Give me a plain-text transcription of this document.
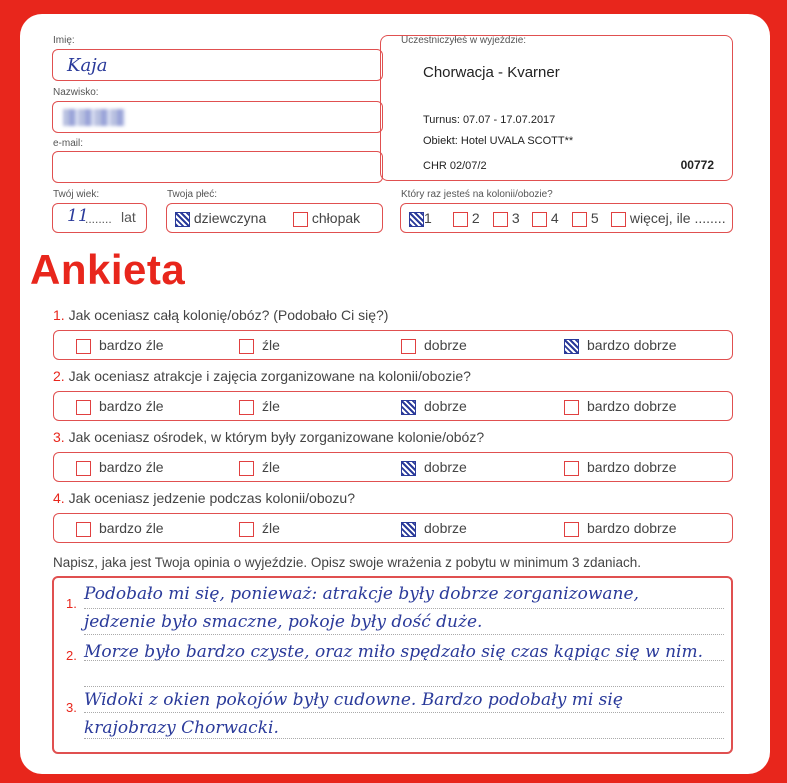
Imię:
Kaja
Nazwisko:
e-mail:
Twój wiek:
11
........ lat
Twoja płeć:
dziewczyna	chłopak
Uczestniczyłeś w wyjeździe:
Chorwacja - Kvarner
Turnus: 07.07 - 17.07.2017
Obiekt: Hotel UVALA SCOTT**
CHR 02/07/2	00772
Który raz jesteś na kolonii/obozie?
1	2	3	4	5	więcej, ile ........
Ankieta
1. Jak oceniasz całą kolonię/obóz? (Podobało Ci się?)
bardzo źle	źle	dobrze	bardzo dobrze
2. Jak oceniasz atrakcje i zajęcia zorganizowane na kolonii/obozie?
bardzo źle	źle	dobrze	bardzo dobrze
3. Jak oceniasz ośrodek, w którym były zorganizowane kolonie/obóz?
bardzo źle	źle	dobrze	bardzo dobrze
4. Jak oceniasz jedzenie podczas kolonii/obozu?
bardzo źle	źle	dobrze	bardzo dobrze
Napisz, jaka jest Twoja opinia o wyjeździe. Opisz swoje wrażenia z pobytu w minimum 3 zdaniach.
1. Podobało mi się, ponieważ: atrakcje były dobrze zorganizowane,
jedzenie było smaczne, pokoje były dość duże.
2. Morze było bardzo czyste, oraz miło spędzało się czas kąpiąc się w nim.
3. Widoki z okien pokojów były cudowne. Bardzo podobały mi się
krajobrazy Chorwacki.
